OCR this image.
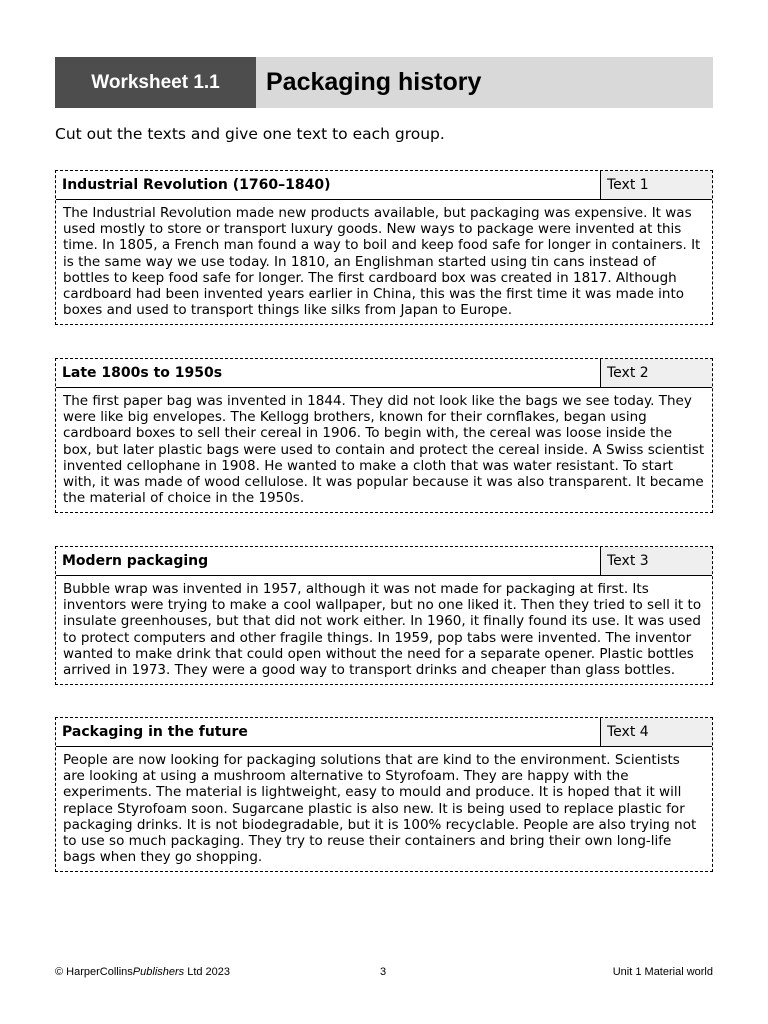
Worksheet 1.1	Packaging history

Cut out the texts and give one text to each group.

Industrial Revolution (1760–1840)	Text 1

The Industrial Revolution made new products available, but packaging was expensive. It was used mostly to store or transport luxury goods. New ways to package were invented at this time. In 1805, a French man found a way to boil and keep food safe for longer in containers. It is the same way we use today. In 1810, an Englishman started using tin cans instead of bottles to keep food safe for longer. The first cardboard box was created in 1817. Although cardboard had been invented years earlier in China, this was the first time it was made into boxes and used to transport things like silks from Japan to Europe.

Late 1800s to 1950s	Text 2

The first paper bag was invented in 1844. They did not look like the bags we see today. They were like big envelopes. The Kellogg brothers, known for their cornflakes, began using cardboard boxes to sell their cereal in 1906. To begin with, the cereal was loose inside the box, but later plastic bags were used to contain and protect the cereal inside. A Swiss scientist invented cellophane in 1908. He wanted to make a cloth that was water resistant. To start with, it was made of wood cellulose. It was popular because it was also transparent. It became the material of choice in the 1950s.

Modern packaging	Text 3

Bubble wrap was invented in 1957, although it was not made for packaging at first. Its inventors were trying to make a cool wallpaper, but no one liked it. Then they tried to sell it to insulate greenhouses, but that did not work either. In 1960, it finally found its use. It was used to protect computers and other fragile things. In 1959, pop tabs were invented. The inventor wanted to make drink that could open without the need for a separate opener. Plastic bottles arrived in 1973. They were a good way to transport drinks and cheaper than glass bottles.

Packaging in the future	Text 4

People are now looking for packaging solutions that are kind to the environment. Scientists are looking at using a mushroom alternative to Styrofoam. They are happy with the experiments. The material is lightweight, easy to mould and produce. It is hoped that it will replace Styrofoam soon. Sugarcane plastic is also new. It is being used to replace plastic for packaging drinks. It is not biodegradable, but it is 100% recyclable. People are also trying not to use so much packaging. They try to reuse their containers and bring their own long-life bags when they go shopping.

© HarperCollinsPublishers Ltd 2023	3	Unit 1 Material world
